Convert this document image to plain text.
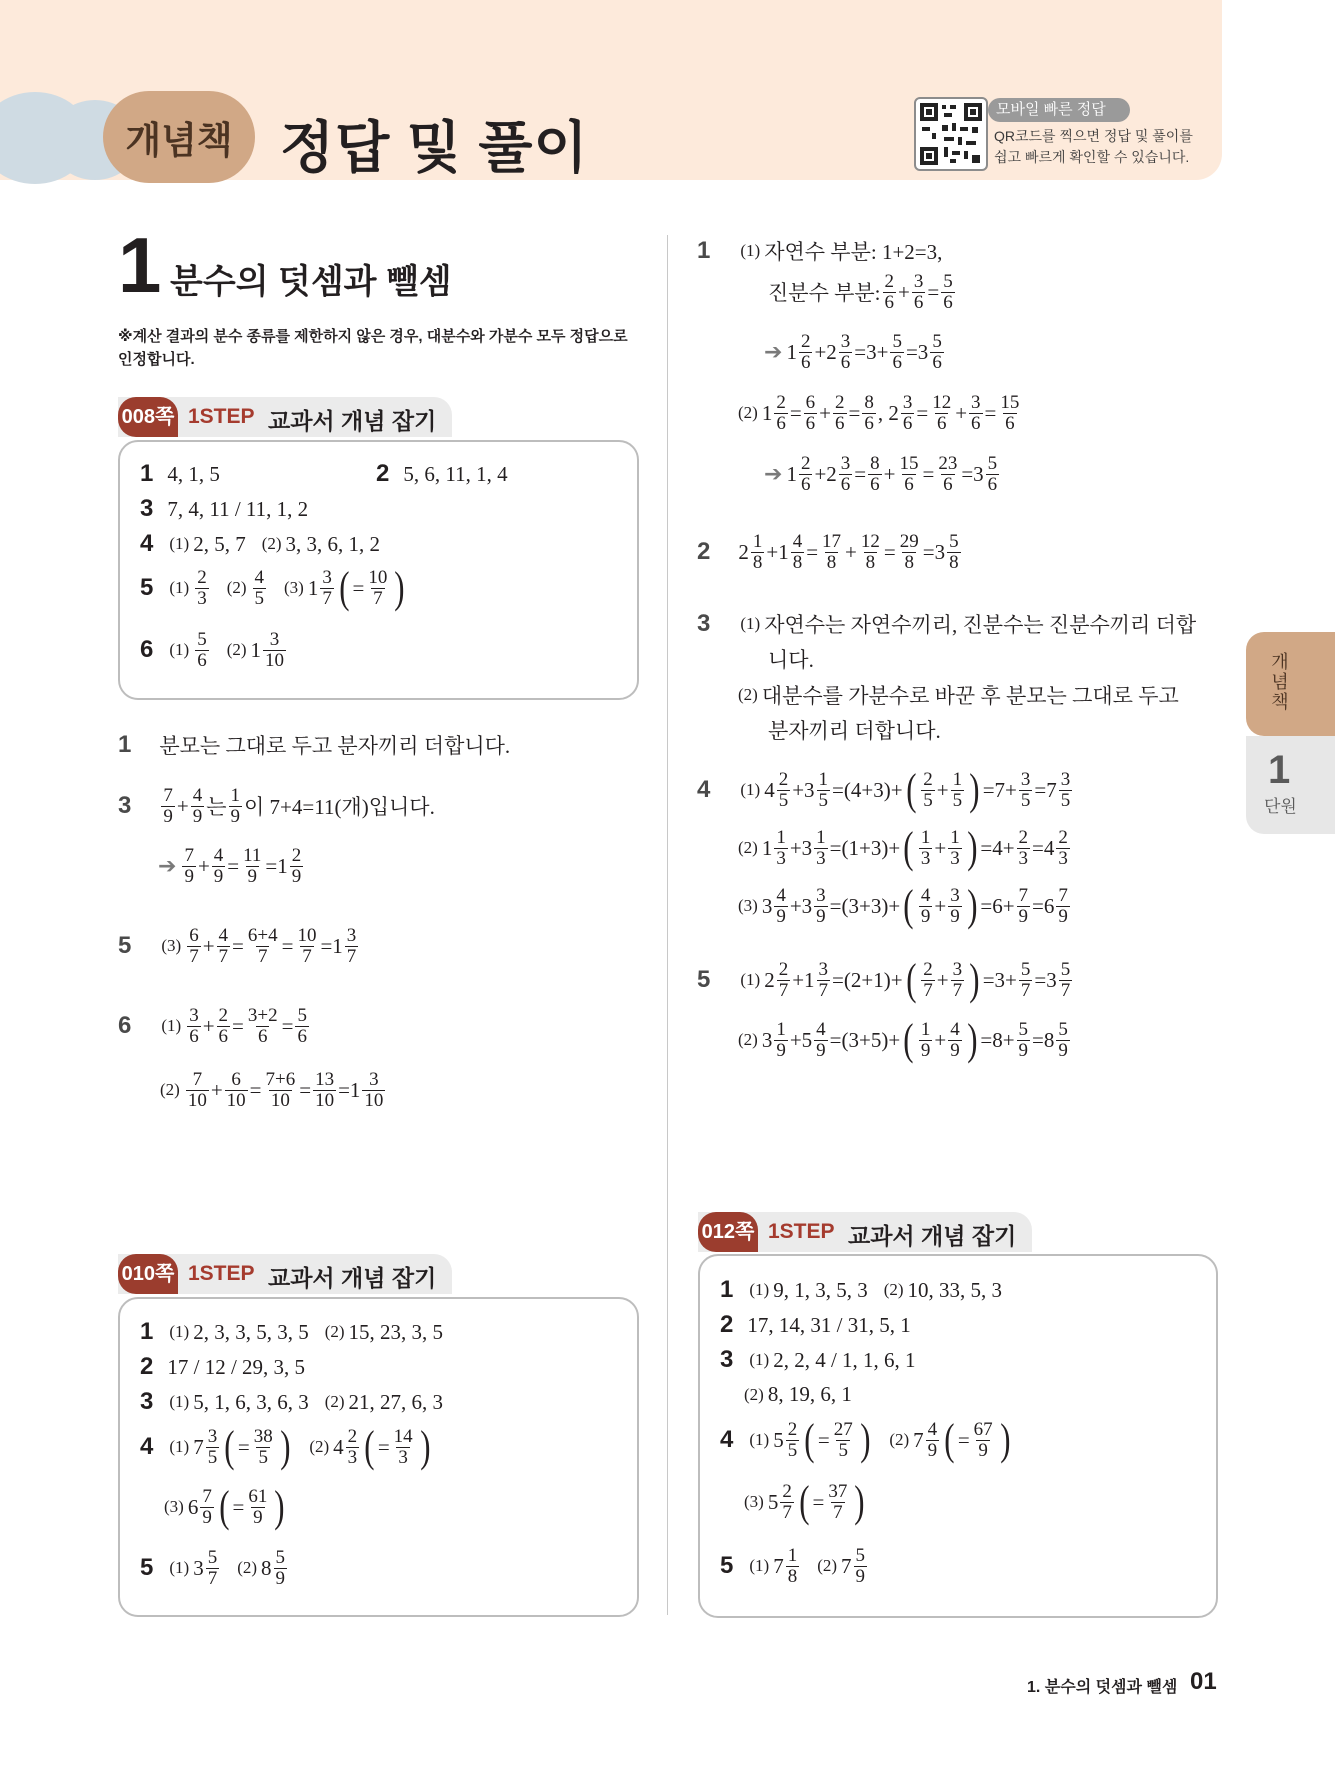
개념책 정답 및 풀이
모바일 빠른 정답
QR코드를 찍으면 정답 및 풀이를
쉽고 빠르게 확인할 수 있습니다.
1 분수의 덧셈과 뺄셈
※계산 결과의 분수 종류를 제한하지 않은 경우, 대분수와 가분수 모두 정답으로
인정합니다.
008쪽 1STEP 교과서 개념 잡기
1 4, 1, 5	2 5, 6, 11, 1, 4
3 7, 4, 11 / 11, 1, 2
4 (1) 2, 5, 7 (2) 3, 3, 6, 1, 2
5 $(1) \frac{2}{3} (2) \frac{4}{5} (3)$ $1 \frac{3}{7}$ ( = $\frac{10}{7}$ )
6 $(1) \frac{5}{6} (2)$ $1 \frac{3}{10}$
1 분모는 그대로 두고 분자끼리 더합니다.
$3 \frac{7}{9} + \frac{4}{9}$ 는 $\frac{1}{9}$ 이 7+4=11(개)입니다.
➔ $\frac{7}{9} + \frac{4}{9} = \frac{11}{9} =1 \frac{2}{9}$
5 $(3) \frac{6}{7} + \frac{4}{7} = \frac{6+4}{7} = \frac{10}{7} =1 \frac{3}{7}$
6 $(1) \frac{3}{6} + \frac{2}{6} = \frac{3+2}{6} = \frac{5}{6}$
$(2) \frac{7}{10} + \frac{6}{10} = \frac{7+6}{10} = \frac{13}{10} =1 \frac{3}{10}$
010쪽 1STEP 교과서 개념 잡기
1 (1) 2, 3, 3, 5, 3, 5 (2) 15, 23, 3, 5
2 17 / 12 / 29, 3, 5
3 (1) 5, 1, 6, 3, 6, 3 (2) 21, 27, 6, 3
4 (1) $7 \frac{3}{5}$ ( = $\frac{38}{5}$ ) (2) $4 \frac{2}{3}$ ( = $\frac{14}{3}$ )
(3) $6 \frac{7}{9}$ ( = $\frac{61}{9}$ )
5 (1) $3 \frac{5}{7} (2)$ $8 \frac{5}{9}$
1 (1) 자연수 부분: 1+2=3,
진분수 부분: $\frac{2}{6} + \frac{3}{6} = \frac{5}{6}$
➔ $1 \frac{2}{6} +2 \frac{3}{6} =3+ \frac{5}{6} =3 \frac{5}{6}$
(2) $1 \frac{2}{6} = \frac{6}{6} + \frac{2}{6} = \frac{8}{6}$ , $2 \frac{3}{6} = \frac{12}{6} + \frac{3}{6} = \frac{15}{6}$
➔ $1 \frac{2}{6} +2 \frac{3}{6} = \frac{8}{6} + \frac{15}{6} = \frac{23}{6} =3 \frac{5}{6}$
2 $2 \frac{1}{8} +1 \frac{4}{8} = \frac{17}{8} + \frac{12}{8} = \frac{29}{8} =3 \frac{5}{8}$
3 (1) 자연수는 자연수끼리, 진분수는 진분수끼리 더합
니다.
(2) 대분수를 가분수로 바꾼 후 분모는 그대로 두고
분자끼리 더합니다.
4 (1) $4 \frac{2}{5} +3 \frac{1}{5} =(4+3)+$ ( $\frac{2}{5} + \frac{1}{5}$ ) $=7+ \frac{3}{5} =7 \frac{3}{5}$
(2) $1 \frac{1}{3} +3 \frac{1}{3} =(1+3)+$ ( $\frac{1}{3} + \frac{1}{3}$ ) $=4+ \frac{2}{3} =4 \frac{2}{3}$
(3) $3 \frac{4}{9} +3 \frac{3}{9} =(3+3)+$ ( $\frac{4}{9} + \frac{3}{9}$ ) $=6+ \frac{7}{9} =6 \frac{7}{9}$
5 (1) $2 \frac{2}{7} +1 \frac{3}{7} =(2+1)+$ ( $\frac{2}{7} + \frac{3}{7}$ ) $=3+ \frac{5}{7} =3 \frac{5}{7}$
(2) $3 \frac{1}{9} +5 \frac{4}{9} =(3+5)+$ ( $\frac{1}{9} + \frac{4}{9}$ ) $=8+ \frac{5}{9} =8 \frac{5}{9}$
012쪽 1STEP 교과서 개념 잡기
1 (1) 9, 1, 3, 5, 3 (2) 10, 33, 5, 3
2 17, 14, 31 / 31, 5, 1
3 (1) 2, 2, 4 / 1, 1, 6, 1
(2) 8, 19, 6, 1
4 (1) $5 \frac{2}{5}$ ( = $\frac{27}{5}$ ) (2) $7 \frac{4}{9}$ ( = $\frac{67}{9}$ )
(3) $5 \frac{2}{7}$ ( = $\frac{37}{7}$ )
5 (1) $7 \frac{1}{8} (2)$ $7 \frac{5}{9}$
개념책
1
단원
1. 분수의 덧셈과 뺄셈 01
